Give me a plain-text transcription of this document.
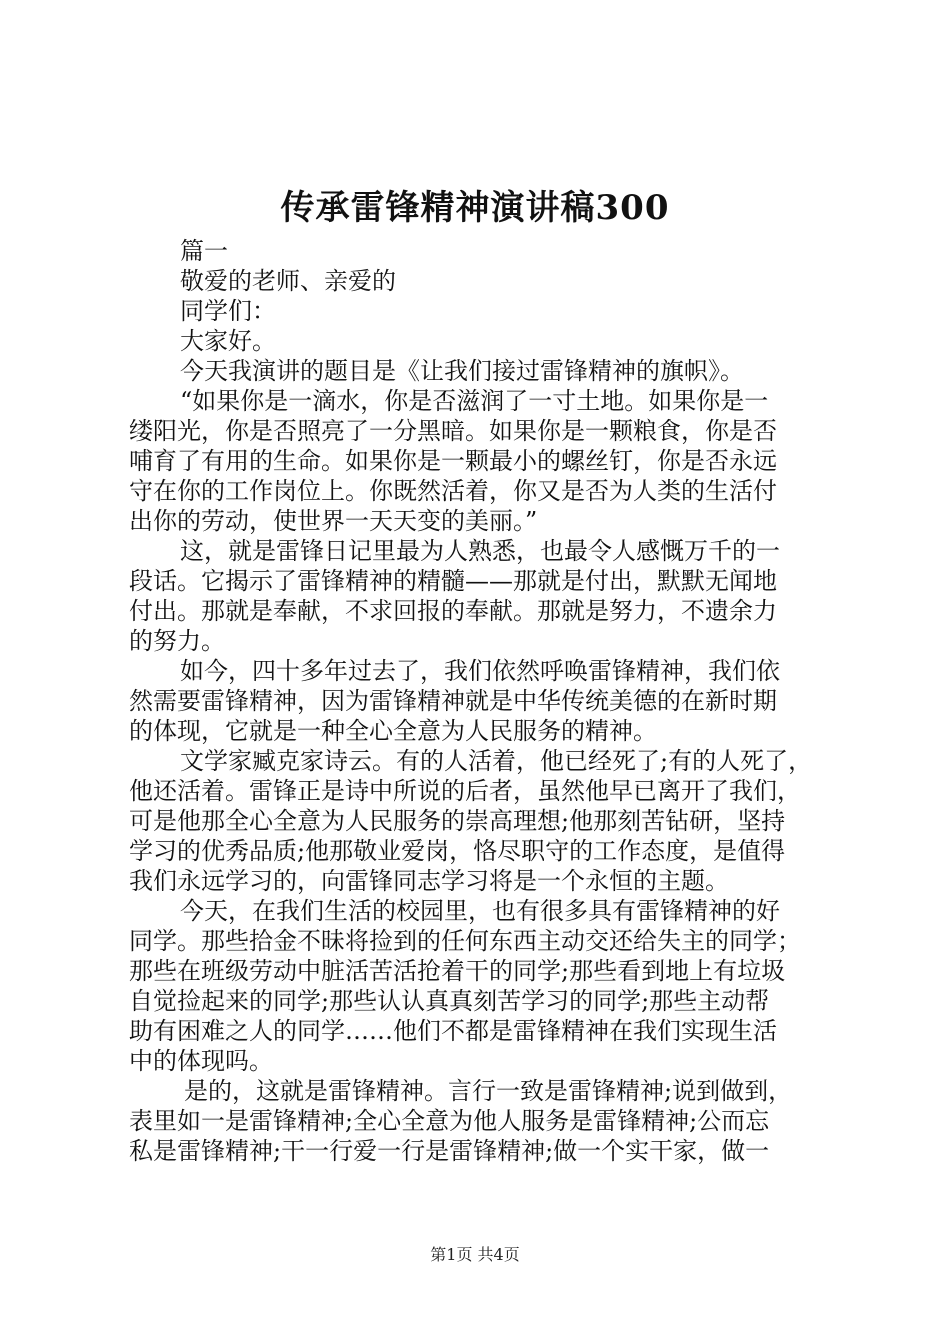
传承雷锋精神演讲稿300
篇一
敬爱的老师、亲爱的
同学们：
大家好。
今天我演讲的题目是《让我们接过雷锋精神的旗帜》。
“如果你是一滴水，你是否滋润了一寸土地。如果你是一
缕阳光，你是否照亮了一分黑暗。如果你是一颗粮食，你是否
哺育了有用的生命。如果你是一颗最小的螺丝钉，你是否永远
守在你的工作岗位上。你既然活着，你又是否为人类的生活付
出你的劳动，使世界一天天变的美丽。”
这，就是雷锋日记里最为人熟悉，也最令人感慨万千的一
段话。它揭示了雷锋精神的精髓——那就是付出，默默无闻地
付出。那就是奉献，不求回报的奉献。那就是努力，不遗余力
的努力。
如今，四十多年过去了，我们依然呼唤雷锋精神，我们依
然需要雷锋精神，因为雷锋精神就是中华传统美德的在新时期
的体现，它就是一种全心全意为人民服务的精神。
文学家臧克家诗云。有的人活着，他已经死了;有的人死了，
他还活着。雷锋正是诗中所说的后者，虽然他早已离开了我们，
可是他那全心全意为人民服务的崇高理想;他那刻苦钻研，坚持
学习的优秀品质;他那敬业爱岗，恪尽职守的工作态度，是值得
我们永远学习的，向雷锋同志学习将是一个永恒的主题。
今天，在我们生活的校园里，也有很多具有雷锋精神的好
同学。那些拾金不昧将捡到的任何东西主动交还给失主的同学；
那些在班级劳动中脏活苦活抢着干的同学;那些看到地上有垃圾
自觉捡起来的同学;那些认认真真刻苦学习的同学;那些主动帮
助有困难之人的同学……他们不都是雷锋精神在我们实现生活
中的体现吗。
是的，这就是雷锋精神。言行一致是雷锋精神;说到做到，
表里如一是雷锋精神;全心全意为他人服务是雷锋精神;公而忘
私是雷锋精神;干一行爱一行是雷锋精神;做一个实干家，做一
第1页 共4页
